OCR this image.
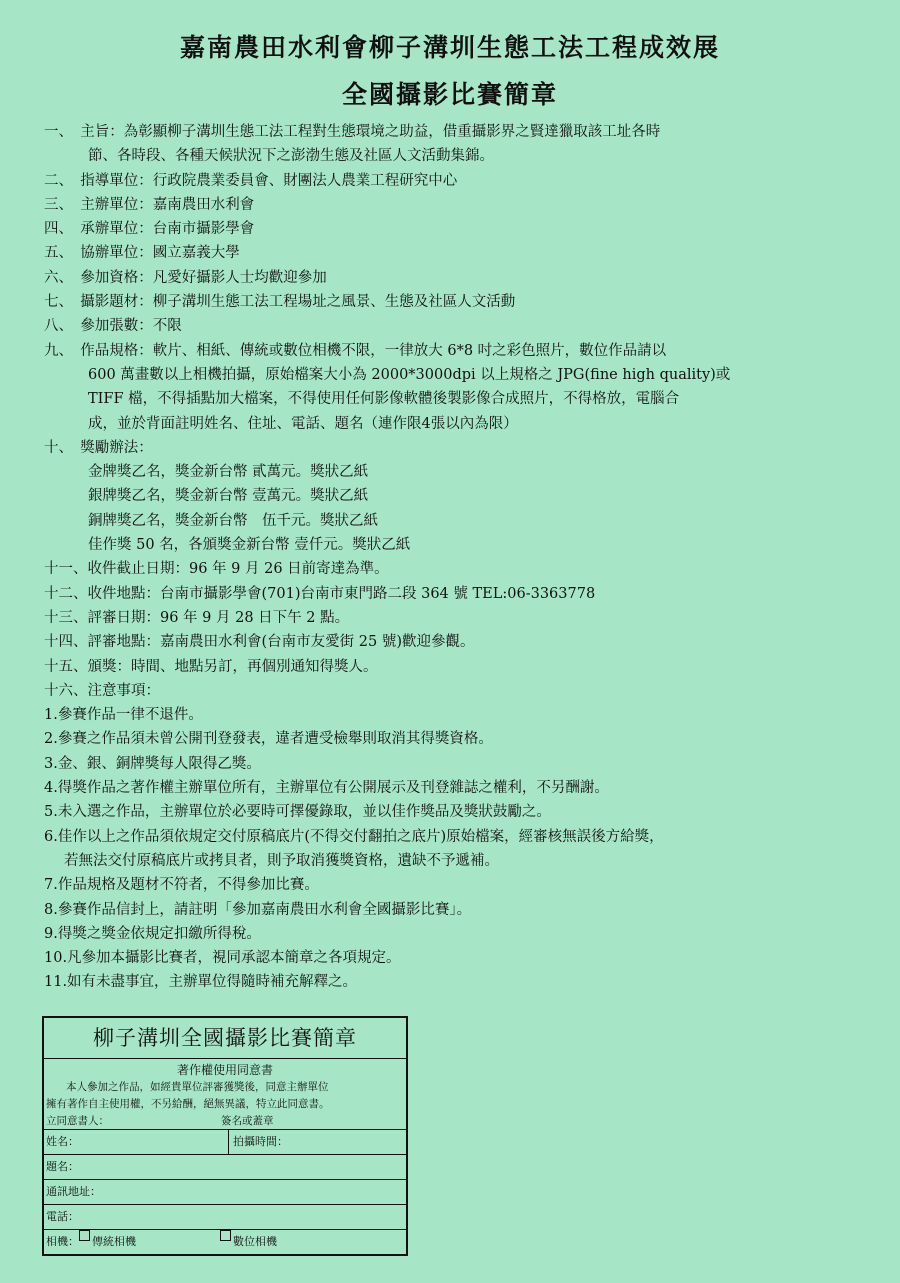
嘉南農田水利會柳子溝圳生態工法工程成效展
全國攝影比賽簡章
一、　主旨：為彰顯柳子溝圳生態工法工程對生態環境之助益，借重攝影界之賢達獵取該工址各時
節、各時段、各種天候狀況下之澎渤生態及社區人文活動集錦。
二、　指導單位：行政院農業委員會、財團法人農業工程研究中心
三、　主辦單位：嘉南農田水利會
四、　承辦單位：台南市攝影學會
五、　協辦單位：國立嘉義大學
六、　參加資格：凡愛好攝影人士均歡迎參加
七、　攝影題材：柳子溝圳生態工法工程場址之風景、生態及社區人文活動
八、　參加張數：不限
九、　作品規格：軟片、相紙、傳統或數位相機不限，一律放大 6*8 吋之彩色照片，數位作品請以
600 萬畫數以上相機拍攝，原始檔案大小為 2000*3000dpi 以上規格之 JPG(fine high quality)或
TIFF 檔，不得插點加大檔案，不得使用任何影像軟體後製影像合成照片，不得格放，電腦合
成，並於背面註明姓名、住址、電話、題名（連作限4張以內為限）
十、　獎勵辦法：
金牌獎乙名，獎金新台幣 貳萬元。獎狀乙紙
銀牌獎乙名，獎金新台幣 壹萬元。獎狀乙紙
銅牌獎乙名，獎金新台幣　伍千元。獎狀乙紙
佳作獎 50 名，各頒獎金新台幣 壹仟元。獎狀乙紙
十一、收件截止日期：96 年 9 月 26 日前寄達為準。
十二、收件地點：台南市攝影學會(701)台南市東門路二段 364 號 TEL:06-3363778
十三、評審日期：96 年 9 月 28 日下午 2 點。
十四、評審地點：嘉南農田水利會(台南市友愛街 25 號)歡迎參觀。
十五、頒獎：時間、地點另訂，再個別通知得獎人。
十六、注意事項：
1.參賽作品一律不退件。
2.參賽之作品須未曾公開刊登發表，違者遭受檢舉則取消其得獎資格。
3.金、銀、銅牌獎每人限得乙獎。
4.得獎作品之著作權主辦單位所有，主辦單位有公開展示及刊登雜誌之權利，不另酬謝。
5.未入選之作品，主辦單位於必要時可擇優錄取，並以佳作獎品及獎狀鼓勵之。
6.佳作以上之作品須依規定交付原稿底片(不得交付翻拍之底片)原始檔案，經審核無誤後方給獎，
若無法交付原稿底片或拷貝者，則予取消獲獎資格，遺缺不予遞補。
7.作品規格及題材不符者，不得參加比賽。
8.參賽作品信封上，請註明「參加嘉南農田水利會全國攝影比賽」。
9.得獎之獎金依規定扣繳所得稅。
10.凡參加本攝影比賽者，視同承認本簡章之各項規定。
11.如有未盡事宜，主辦單位得隨時補充解釋之。
柳子溝圳全國攝影比賽簡章
著作權使用同意書
本人參加之作品，如經貴單位評審獲獎後，同意主辦單位
擁有著作自主使用權，不另給酬，絕無異議，特立此同意書。
立同意書人：	簽名或蓋章
姓名：	拍攝時間：
題名：
通訊地址：
電話：
相機： 傳統相機	數位相機
